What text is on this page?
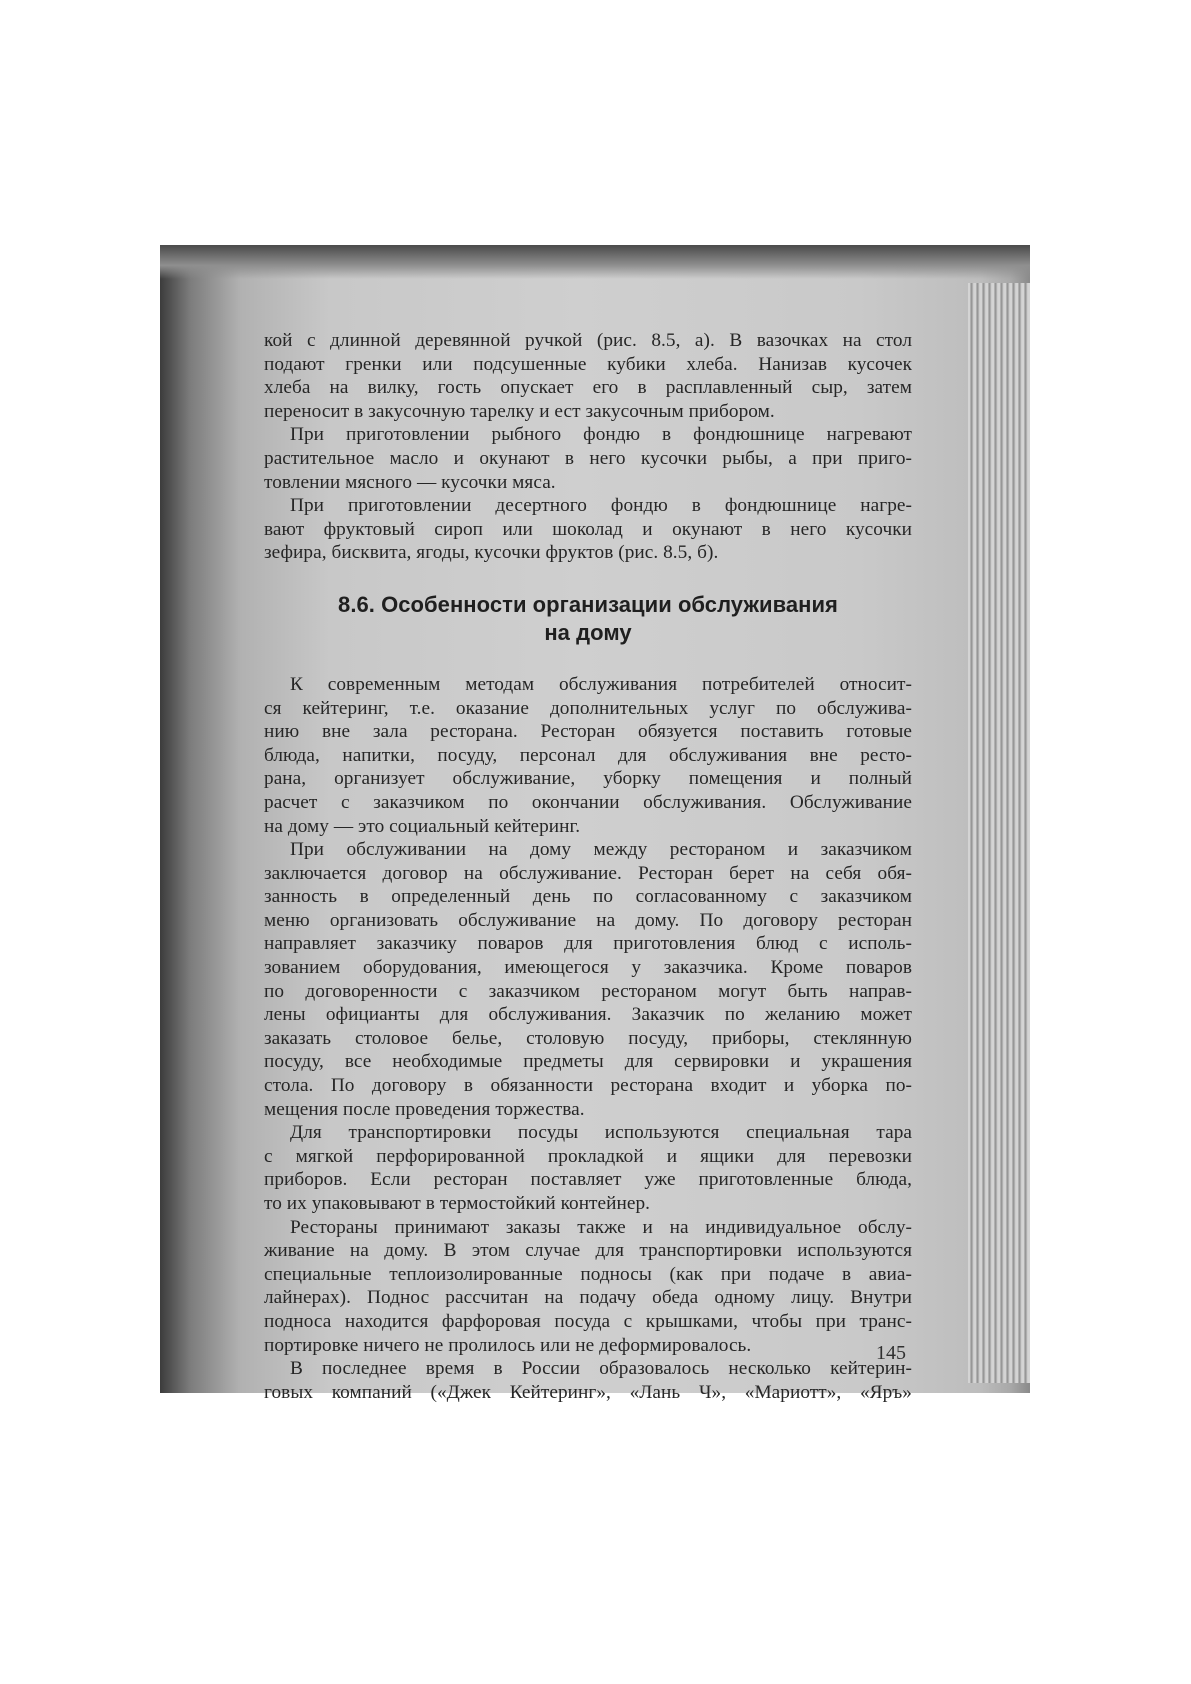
кой с длинной деревянной ручкой (рис. 8.5, а). В вазочках на стол
подают гренки или подсушенные кубики хлеба. Нанизав кусочек
хлеба на вилку, гость опускает его в расплавленный сыр, затем
переносит в закусочную тарелку и ест закусочным прибором.
При приготовлении рыбного фондю в фондюшнице нагревают
растительное масло и окунают в него кусочки рыбы, а при приго-
товлении мясного — кусочки мяса.
При приготовлении десертного фондю в фондюшнице нагре-
вают фруктовый сироп или шоколад и окунают в него кусочки
зефира, бисквита, ягоды, кусочки фруктов (рис. 8.5, б).
8.6. Особенности организации обслуживания
на дому
К современным методам обслуживания потребителей относит-
ся кейтеринг, т.е. оказание дополнительных услуг по обслужива-
нию вне зала ресторана. Ресторан обязуется поставить готовые
блюда, напитки, посуду, персонал для обслуживания вне ресто-
рана, организует обслуживание, уборку помещения и полный
расчет с заказчиком по окончании обслуживания. Обслуживание
на дому — это социальный кейтеринг.
При обслуживании на дому между рестораном и заказчиком
заключается договор на обслуживание. Ресторан берет на себя обя-
занность в определенный день по согласованному с заказчиком
меню организовать обслуживание на дому. По договору ресторан
направляет заказчику поваров для приготовления блюд с исполь-
зованием оборудования, имеющегося у заказчика. Кроме поваров
по договоренности с заказчиком рестораном могут быть направ-
лены официанты для обслуживания. Заказчик по желанию может
заказать столовое белье, столовую посуду, приборы, стеклянную
посуду, все необходимые предметы для сервировки и украшения
стола. По договору в обязанности ресторана входит и уборка по-
мещения после проведения торжества.
Для транспортировки посуды используются специальная тара
с мягкой перфорированной прокладкой и ящики для перевозки
приборов. Если ресторан поставляет уже приготовленные блюда,
то их упаковывают в термостойкий контейнер.
Рестораны принимают заказы также и на индивидуальное обслу-
живание на дому. В этом случае для транспортировки используются
специальные теплоизолированные подносы (как при подаче в авиа-
лайнерах). Поднос рассчитан на подачу обеда одному лицу. Внутри
подноса находится фарфоровая посуда с крышками, чтобы при транс-
портировке ничего не пролилось или не деформировалось.
В последнее время в России образовалось несколько кейтерин-
говых компаний («Джек Кейтеринг», «Лань Ч», «Мариотт», «Яръ»
145
